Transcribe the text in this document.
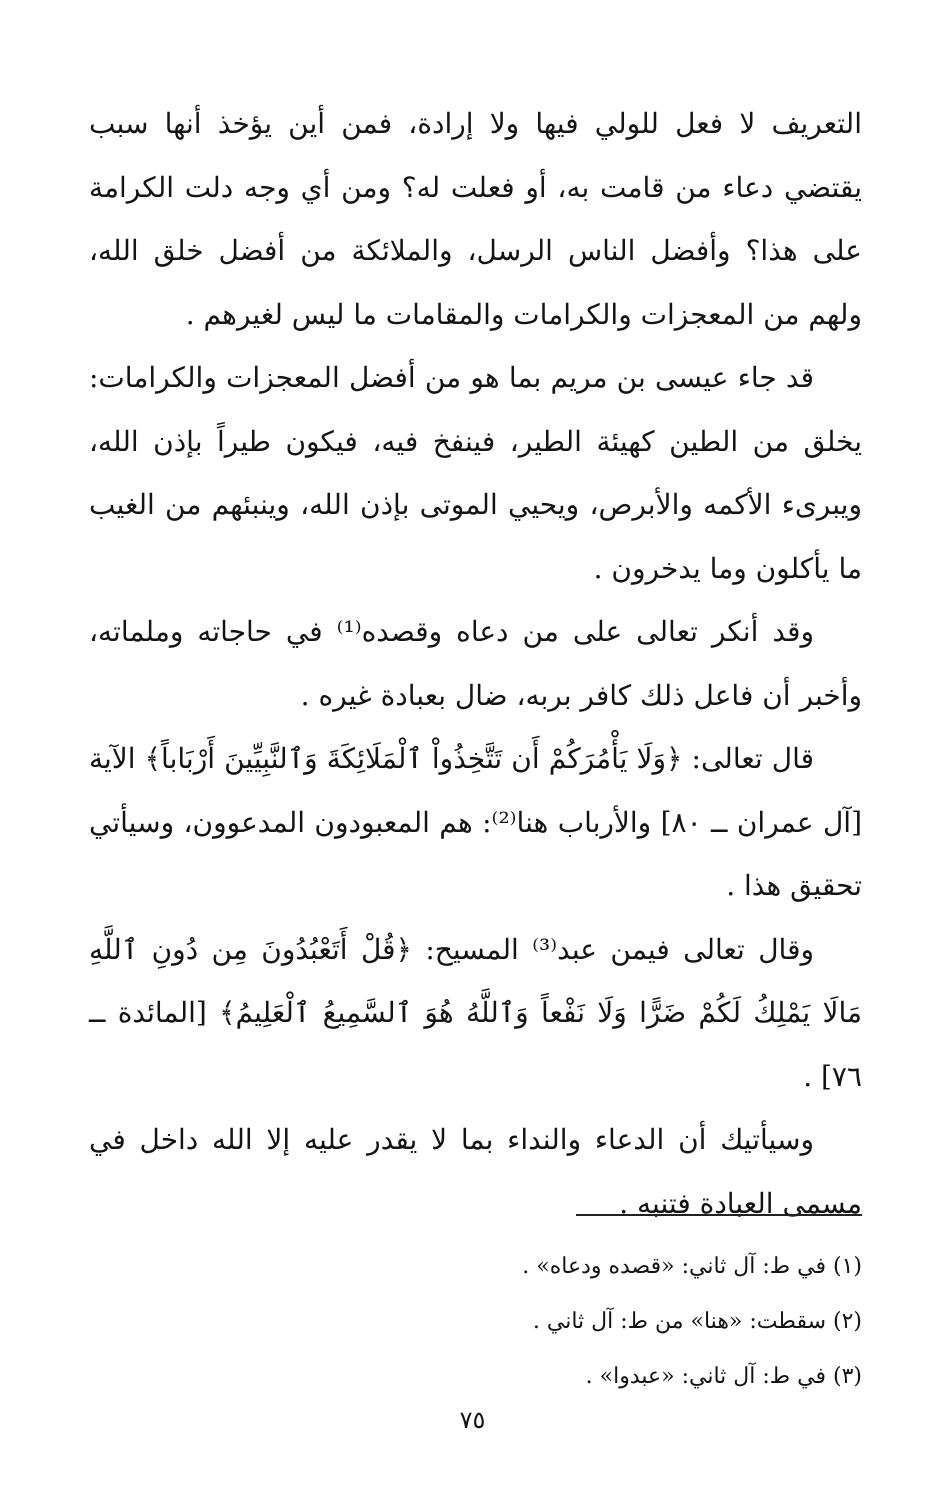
التعريف لا فعل للولي فيها ولا إرادة، فمن أين يؤخذ أنها سبب يقتضي دعاء من قامت به، أو فعلت له؟ ومن أي وجه دلت الكرامة على هذا؟ وأفضل الناس الرسل، والملائكة من أفضل خلق الله، ولهم من المعجزات والكرامات والمقامات ما ليس لغيرهم .

قد جاء عيسى بن مريم بما هو من أفضل المعجزات والكرامات: يخلق من الطين كهيئة الطير، فينفخ فيه، فيكون طيراً بإذن الله، ويبرىء الأكمه والأبرص، ويحيي الموتى بإذن الله، وينبئهم من الغيب ما يأكلون وما يدخرون .

وقد أنكر تعالى على من دعاه وقصده⁽¹⁾ في حاجاته وملماته، وأخبر أن فاعل ذلك كافر بربه، ضال بعبادة غيره .

قال تعالى: ﴿وَلَا يَأْمُرَكُمْ أَن تَتَّخِذُواْ ٱلْمَلَائِكَةَ وَٱلنَّبِيِّينَ أَرْبَاباً﴾ الآية [آل عمران ــ ٨٠] والأرباب هنا⁽²⁾: هم المعبودون المدعوون، وسيأتي تحقيق هذا .

وقال تعالى فيمن عبد⁽³⁾ المسيح: ﴿قُلْ أَتَعْبُدُونَ مِن دُونِ ٱللَّهِ مَالَا يَمْلِكُ لَكُمْ ضَرًّا وَلَا نَفْعاً وَٱللَّهُ هُوَ ٱلسَّمِيعُ ٱلْعَلِيمُ﴾ [المائدة ــ ٧٦] .

وسيأتيك أن الدعاء والنداء بما لا يقدر عليه إلا الله داخل في مسمى العبادة فتنبه .

(١) في ط: آل ثاني: «قصده ودعاه» .

(٢) سقطت: «هنا» من ط: آل ثاني .

(٣) في ط: آل ثاني: «عبدوا» .

٧٥
